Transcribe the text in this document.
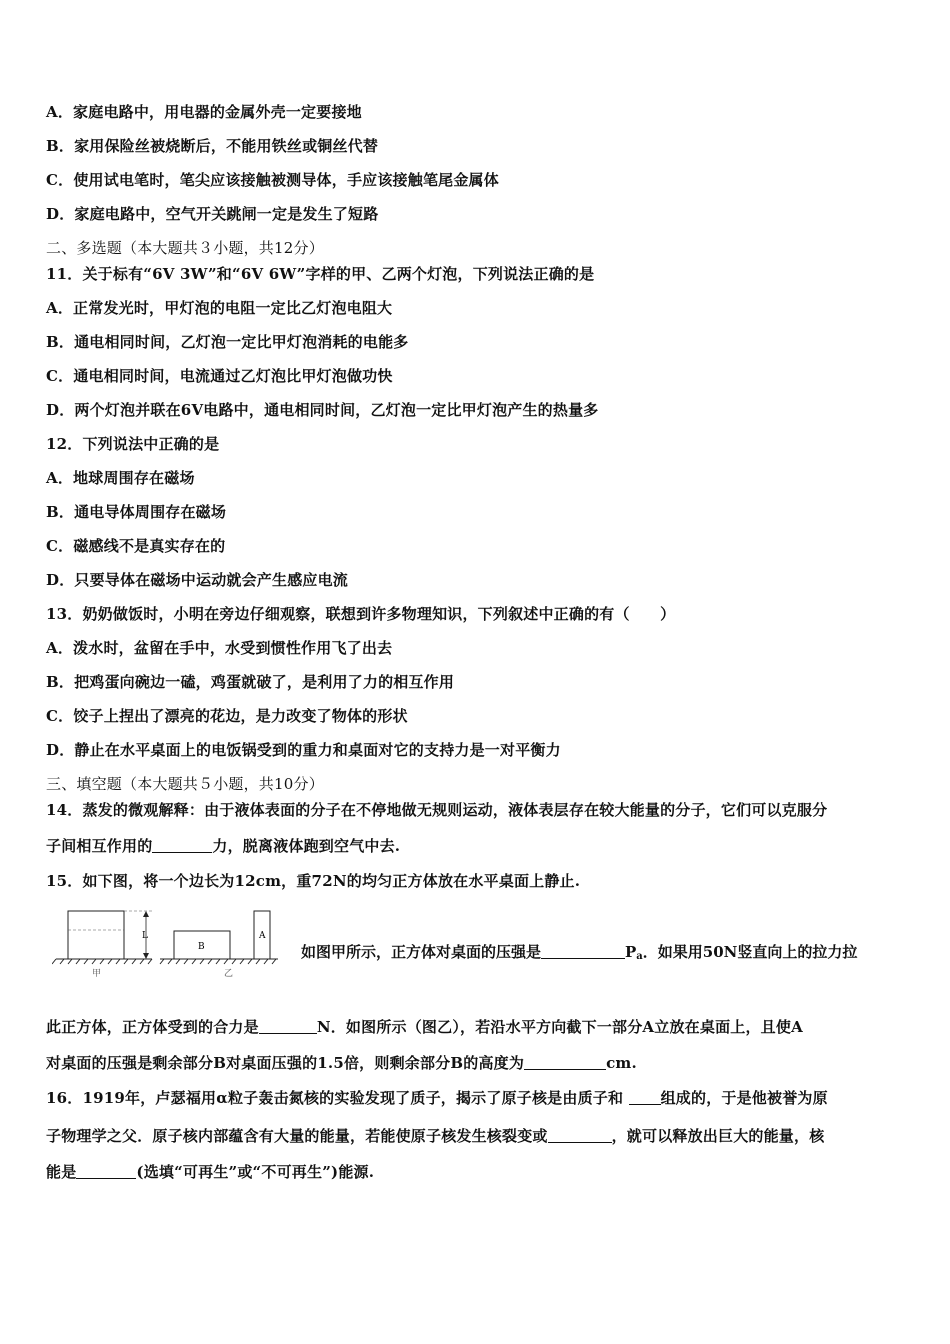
A．家庭电路中，用电器的金属外壳一定要接地
B．家用保险丝被烧断后，不能用铁丝或铜丝代替
C．使用试电笔时，笔尖应该接触被测导体，手应该接触笔尾金属体
D．家庭电路中，空气开关跳闸一定是发生了短路
二、多选题（本大题共３小题，共12分）
11．关于标有“6V 3W”和“6V 6W”字样的甲、乙两个灯泡，下列说法正确的是
A．正常发光时，甲灯泡的电阻一定比乙灯泡电阻大
B．通电相同时间，乙灯泡一定比甲灯泡消耗的电能多
C．通电相同时间，电流通过乙灯泡比甲灯泡做功快
D．两个灯泡并联在6V电路中，通电相同时间，乙灯泡一定比甲灯泡产生的热量多
12．下列说法中正确的是
A．地球周围存在磁场
B．通电导体周围存在磁场
C．磁感线不是真实存在的
D．只要导体在磁场中运动就会产生感应电流
13．奶奶做饭时，小明在旁边仔细观察，联想到许多物理知识，下列叙述中正确的有（　　）
A．泼水时，盆留在手中，水受到惯性作用飞了出去
B．把鸡蛋向碗边一磕，鸡蛋就破了，是利用了力的相互作用
C．饺子上捏出了漂亮的花边，是力改变了物体的形状
D．静止在水平桌面上的电饭锅受到的重力和桌面对它的支持力是一对平衡力
三、填空题（本大题共５小题，共10分）
14．蒸发的微观解释：由于液体表面的分子在不停地做无规则运动，液体表层存在较大能量的分子，它们可以克服分
子间相互作用的	力，脱离液体跑到空气中去.
15．如下图，将一个边长为12cm，重72N的均匀正方体放在水平桌面上静止.
L
B
A
甲	乙
如图甲所示，正方体对桌面的压强是	Pa．如果用50N竖直向上的拉力拉
此正方体，正方体受到的合力是	N．如图所示（图乙），若沿水平方向截下一部分A立放在桌面上，且使A
对桌面的压强是剩余部分B对桌面压强的1.5倍，则剩余部分B的高度为	cm.
16．1919年，卢瑟福用α粒子轰击氮核的实验发现了质子，揭示了原子核是由质子和 组成的，于是他被誉为原
子物理学之父．原子核内部蕴含有大量的能量，若能使原子核发生核裂变或	，就可以释放出巨大的能量，核
能是	(选填“可再生”或“不可再生”)能源.
